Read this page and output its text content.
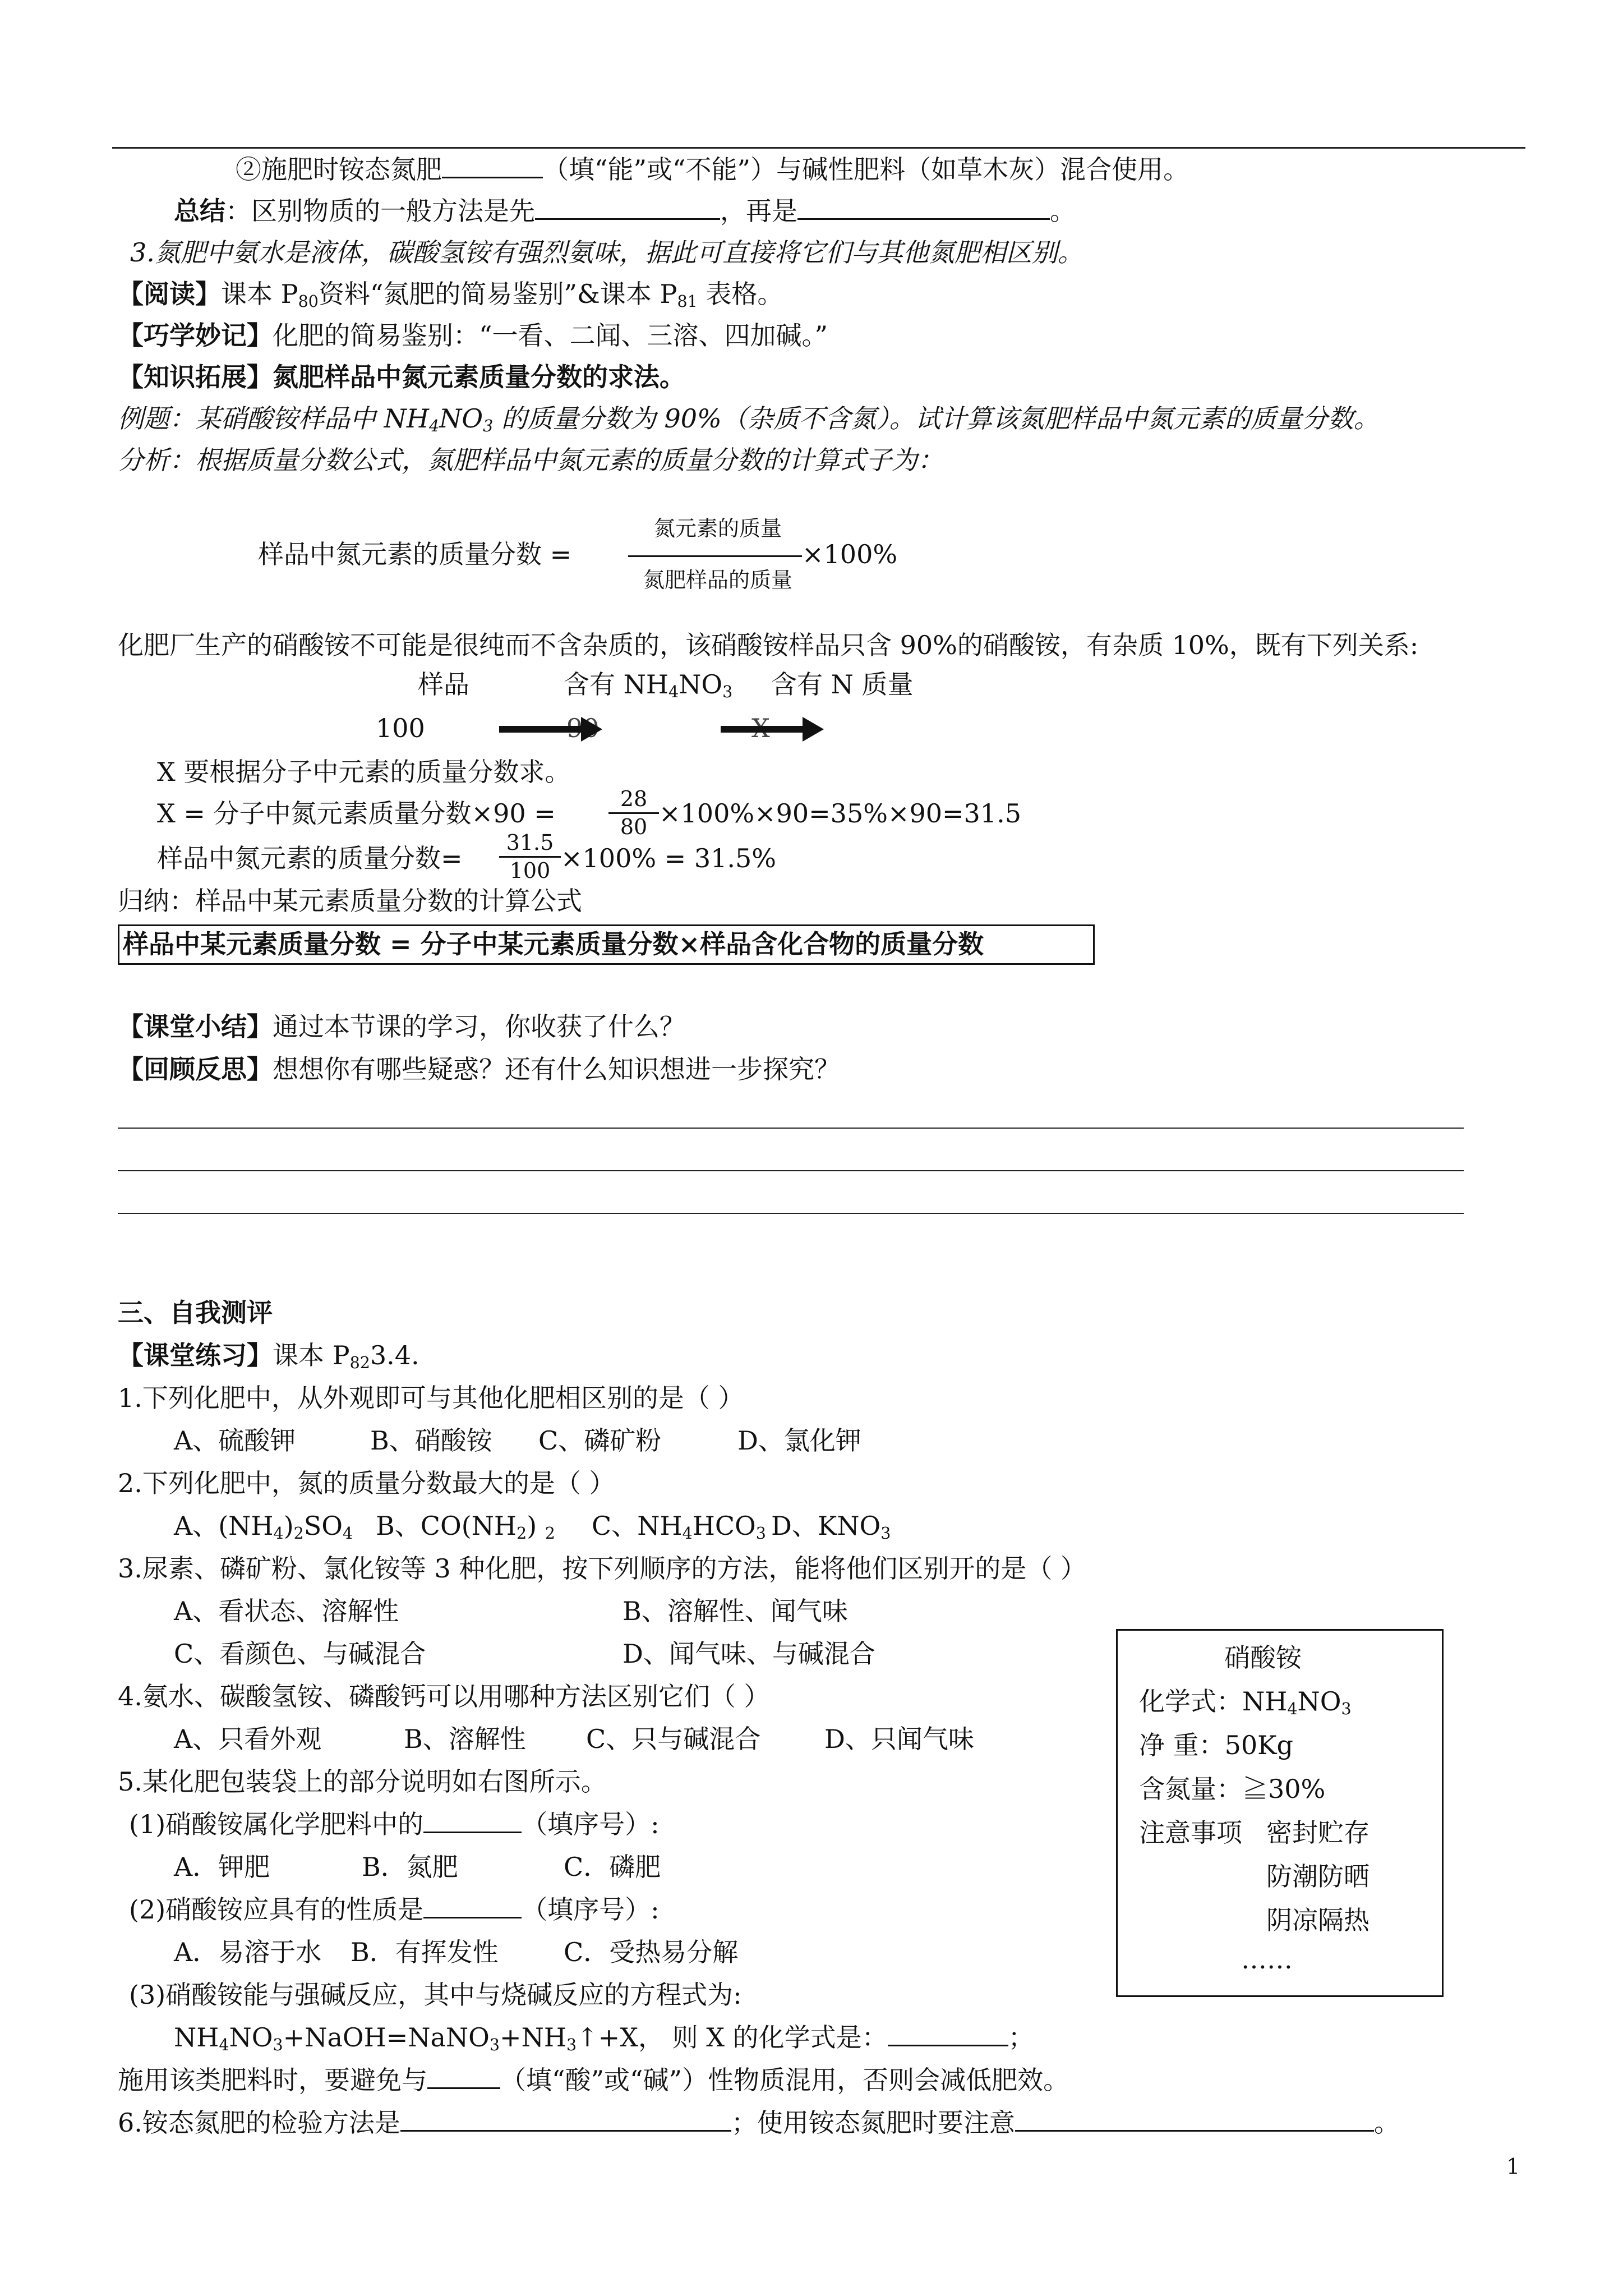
②施肥时铵态氮肥	（填“能”或“不能”）与碱性肥料（如草木灰）混合使用。
总结：区别物质的一般方法是先	，再是	。
3.氮肥中氨水是液体，碳酸氢铵有强烈氨味，据此可直接将它们与其他氮肥相区别。
【阅读】课本 $P_{80}$资料“氮肥的简易鉴别”&课本 $P_{81}$ 表格。
【巧学妙记】化肥的简易鉴别：“一看、二闻、三溶、四加碱。”
【知识拓展】氮肥样品中氮元素质量分数的求法。
例题：某硝酸铵样品中 $NH_4NO_3$ 的质量分数为 90%（杂质不含氮）。试计算该氮肥样品中氮元素的质量分数。
分析：根据质量分数公式，氮肥样品中氮元素的质量分数的计算式子为：
样品中氮元素的质量分数 =
氮元素的质量
氮肥样品的质量
×100%
化肥厂生产的硝酸铵不可能是很纯而不含杂质的，该硝酸铵样品只含 90%的硝酸铵，有杂质 10%，既有下列关系:
样品	含有 $NH_4NO_3$ 含有 N 质量
100
X 要根据分子中元素的质量分数求。
X = 分子中氮元素质量分数×90 =	28
80 ×100%×90=35%×90=31.5
样品中氮元素的质量分数=
31.5
100 ×100% = 31.5%
归纳：样品中某元素质量分数的计算公式
样品中某元素质量分数 = 分子中某元素质量分数×样品含化合物的质量分数
【课堂小结】通过本节课的学习，你收获了什么？
【回顾反思】想想你有哪些疑惑？还有什么知识想进一步探究？
三、自我测评
【课堂练习】课本 $P_{82}3.4$.
1.下列化肥中，从外观即可与其他化肥相区别的是（ ）
A、硫酸钾	B、硝酸铵 C、磷矿粉	D、氯化钾
2.下列化肥中，氮的质量分数最大的是（ ）
A、$(NH_4)_2SO_4$ B、$CO(NH_2)$ $_2$ C、$NH_4HCO_3$ D、$KNO_3$
3.尿素、磷矿粉、氯化铵等 3 种化肥，按下列顺序的方法，能将他们区别开的是（ ）
A、看状态、溶解性	B、溶解性、闻气味
C、看颜色、与碱混合	D、闻气味、与碱混合
4.氨水、碳酸氢铵、磷酸钙可以用哪种方法区别它们（ ）
A、只看外观	B、溶解性 C、只与碱混合 D、只闻气味
5.某化肥包装袋上的部分说明如右图所示。
(1)硝酸铵属化学肥料中的	（填序号）:
A．钾肥	B．氮肥	C．磷肥
(2)硝酸铵应具有的性质是	（填序号）:
A．易溶于水 B．有挥发性	C．受热易分解
(3)硝酸铵能与强碱反应，其中与烧碱反应的方程式为:
$NH_4NO_3+NaOH=NaNO_3+NH_3↑+X$， 则 X 的化学式是：	；
施用该类肥料时，要避免与	（填“酸”或“碱”）性物质混用，否则会减低肥效。
6.铵态氮肥的检验方法是	；使用铵态氮肥时要注意	。
硝酸铵
化学式：$NH_4NO_3$
净 重：50Kg
含氮量：≧30%
注意事项 密封贮存
防潮防晒
阴凉隔热
……
1
